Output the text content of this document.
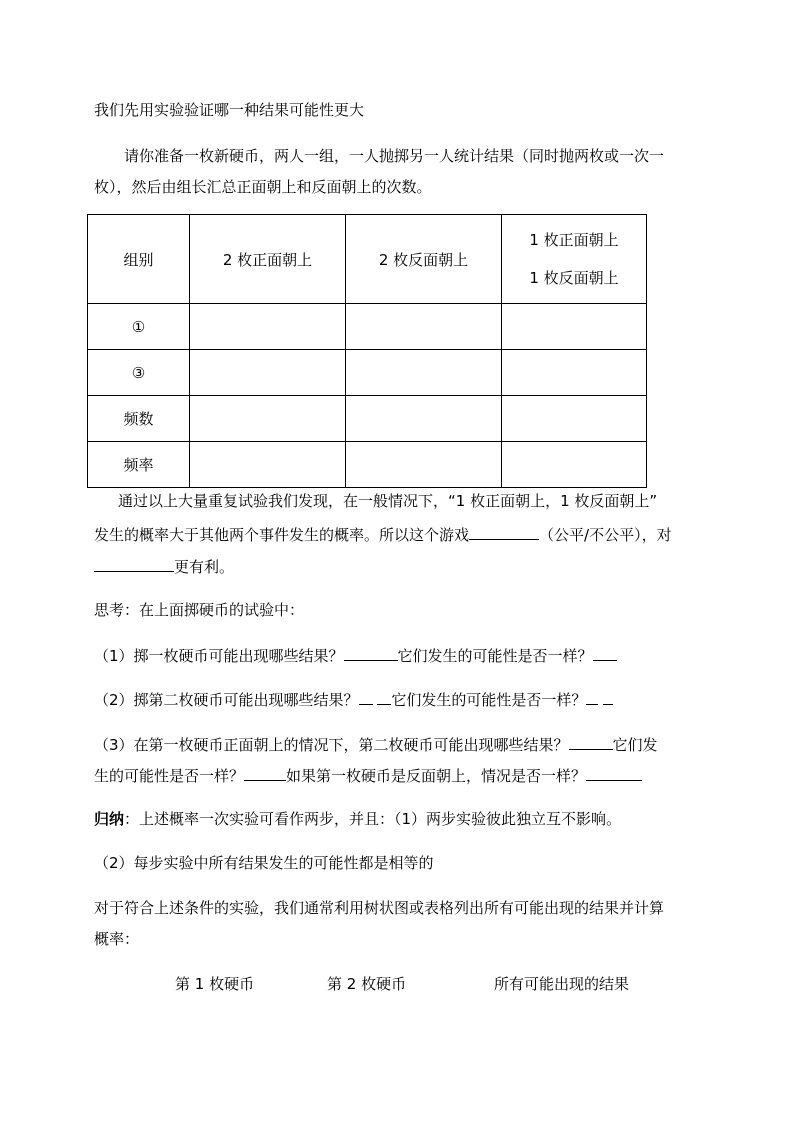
我们先用实验验证哪一种结果可能性更大
请你准备一枚新硬币，两人一组，一人抛掷另一人统计结果（同时抛两枚或一次一
枚），然后由组长汇总正面朝上和反面朝上的次数。
组别	2 枚正面朝上	2 枚反面朝上	1 枚正面朝上
1 枚反面朝上

①			
③			
频数			
频率			
通过以上大量重复试验我们发现，在一般情况下，“1 枚正面朝上，1 枚反面朝上”
发生的概率大于其他两个事件发生的概率。所以这个游戏	（公平/不公平），对
更有利。
思考：在上面掷硬币的试验中：
（1）掷一枚硬币可能出现哪些结果？	它们发生的可能性是否一样？
（2）掷第二枚硬币可能出现哪些结果？ 它们发生的可能性是否一样？
（3）在第一枚硬币正面朝上的情况下，第二枚硬币可能出现哪些结果？	它们发
生的可能性是否一样？	如果第一枚硬币是反面朝上，情况是否一样？
归纳：上述概率一次实验可看作两步，并且：（1）两步实验彼此独立互不影响。
（2）每步实验中所有结果发生的可能性都是相等的
对于符合上述条件的实验，我们通常利用树状图或表格列出所有可能出现的结果并计算
概率：
第 1 枚硬币	第 2 枚硬币	所有可能出现的结果
